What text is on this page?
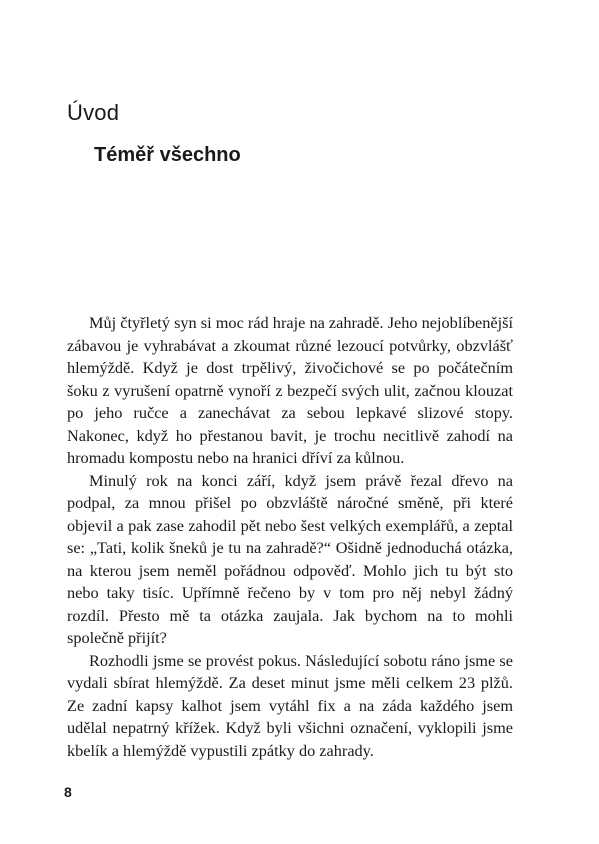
Úvod
Téměř všechno

Můj čtyřletý syn si moc rád hraje na zahradě. Jeho nejoblíbenější zábavou je vyhrabávat a zkoumat různé lezoucí potvůrky, obzvlášť hlemýždě. Když je dost trpělivý, živočichové se po počátečním šoku z vyrušení opatrně vynoří z bezpečí svých ulit, začnou klouzat po jeho ručce a zanechávat za sebou lepkavé slizové stopy. Nakonec, když ho přestanou bavit, je trochu necitlivě zahodí na hromadu kompostu nebo na hranici dříví za kůlnou.

Minulý rok na konci září, když jsem právě řezal dřevo na podpal, za mnou přišel po obzvláště náročné směně, při které objevil a pak zase zahodil pět nebo šest velkých exemplářů, a zeptal se: „Tati, kolik šneků je tu na zahradě?“ Ošidně jednoduchá otázka, na kterou jsem neměl pořádnou odpověď. Mohlo jich tu být sto nebo taky tisíc. Upřímně řečeno by v tom pro něj nebyl žádný rozdíl. Přesto mě ta otázka zaujala. Jak bychom na to mohli společně přijít?

Rozhodli jsme se provést pokus. Následující sobotu ráno jsme se vydali sbírat hlemýždě. Za deset minut jsme měli celkem 23 plžů. Ze zadní kapsy kalhot jsem vytáhl fix a na záda každého jsem udělal nepatrný křížek. Když byli všichni označení, vyklopili jsme kbelík a hlemýždě vypustili zpátky do zahrady.

8
